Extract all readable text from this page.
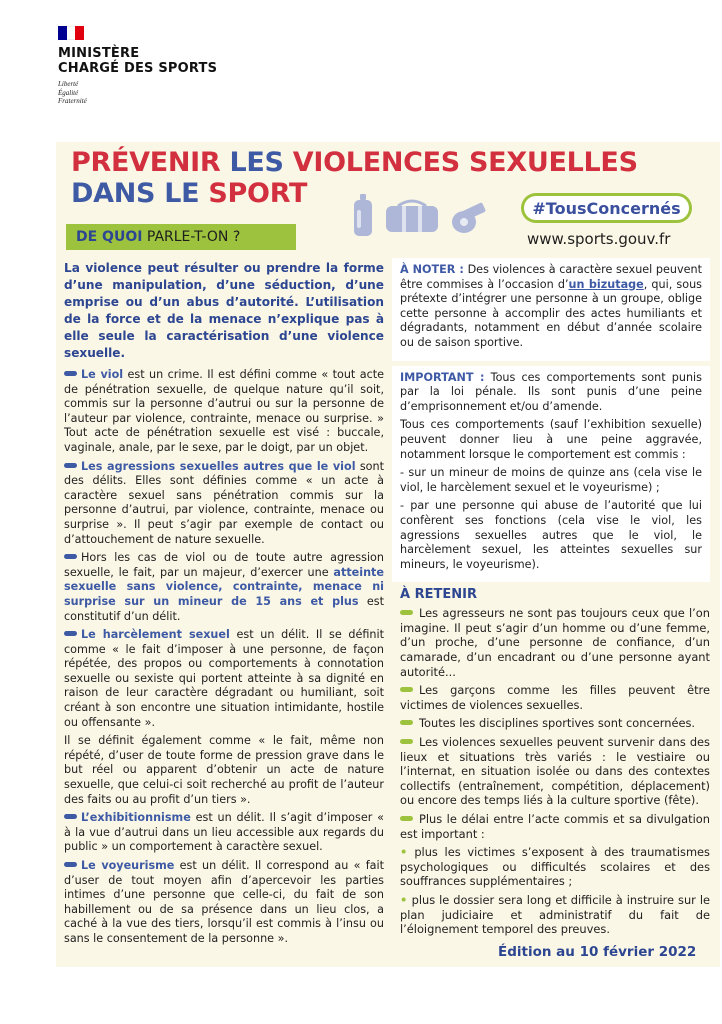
MINISTÈRE
CHARGÉ DES SPORTS
Liberté
Égalité
Fraternité
PRÉVENIR LES VIOLENCES SEXUELLES
DANS LE SPORT	#TousConcernés
www.sports.gouv.fr
DE QUOI PARLE-T-ON ?

La violence peut résulter ou prendre la forme d’une manipulation, d’une séduction, d’une emprise ou d’un abus d’autorité. L’utilisation de la force et de la menace n’explique pas à elle seule la caractérisation d’une violence sexuelle.

Le viol est un crime. Il est défini comme « tout acte de pénétration sexuelle, de quelque nature qu’il soit, commis sur la personne d’autrui ou sur la personne de l’auteur par violence, contrainte, menace ou surprise. » Tout acte de pénétration sexuelle est visé : buccale, vaginale, anale, par le sexe, par le doigt, par un objet.

Les agressions sexuelles autres que le viol sont des délits. Elles sont définies comme « un acte à caractère sexuel sans pénétration commis sur la personne d’autrui, par violence, contrainte, menace ou surprise ». Il peut s’agir par exemple de contact ou d’attouchement de nature sexuelle.

Hors les cas de viol ou de toute autre agression sexuelle, le fait, par un majeur, d’exercer une atteinte sexuelle sans violence, contrainte, menace ni surprise sur un mineur de 15 ans et plus est constitutif d’un délit.

Le harcèlement sexuel est un délit. Il se définit comme « le fait d’imposer à une personne, de façon répétée, des propos ou comportements à connotation sexuelle ou sexiste qui portent atteinte à sa dignité en raison de leur caractère dégradant ou humiliant, soit créant à son encontre une situation intimidante, hostile ou offensante ».

Il se définit également comme « le fait, même non répété, d’user de toute forme de pression grave dans le but réel ou apparent d’obtenir un acte de nature sexuelle, que celui-ci soit recherché au profit de l’auteur des faits ou au profit d’un tiers ».

L’exhibitionnisme est un délit. Il s’agit d’imposer « à la vue d’autrui dans un lieu accessible aux regards du public » un comportement à caractère sexuel.

Le voyeurisme est un délit. Il correspond au « fait d’user de tout moyen afin d’apercevoir les parties intimes d’une personne que celle-ci, du fait de son habillement ou de sa présence dans un lieu clos, a caché à la vue des tiers, lorsqu’il est commis à l’insu ou sans le consentement de la personne ».

À NOTER : Des violences à caractère sexuel peuvent être commises à l’occasion d’un bizutage, qui, sous prétexte d’intégrer une personne à un groupe, oblige cette personne à accomplir des actes humiliants et dégradants, notamment en début d’année scolaire ou de saison sportive.

IMPORTANT : Tous ces comportements sont punis par la loi pénale. Ils sont punis d’une peine d’emprisonnement et/ou d’amende.

Tous ces comportements (sauf l’exhibition sexuelle) peuvent donner lieu à une peine aggravée, notamment lorsque le comportement est commis :

- sur un mineur de moins de quinze ans (cela vise le viol, le harcèlement sexuel et le voyeurisme) ;

- par une personne qui abuse de l’autorité que lui confèrent ses fonctions (cela vise le viol, les agressions sexuelles autres que le viol, le harcèlement sexuel, les atteintes sexuelles sur mineurs, le voyeurisme).

À RETENIR

Les agresseurs ne sont pas toujours ceux que l’on imagine. Il peut s’agir d’un homme ou d’une femme, d’un proche, d’une personne de confiance, d’un camarade, d’un encadrant ou d’une personne ayant autorité...

Les garçons comme les filles peuvent être victimes de violences sexuelles.

Toutes les disciplines sportives sont concernées.

Les violences sexuelles peuvent survenir dans des lieux et situations très variés : le vestiaire ou l’internat, en situation isolée ou dans des contextes collectifs (entraînement, compétition, déplacement) ou encore des temps liés à la culture sportive (fête).

Plus le délai entre l’acte commis et sa divulgation est important :

• plus les victimes s’exposent à des traumatismes psychologiques ou difficultés scolaires et des souffrances supplémentaires ;

• plus le dossier sera long et difficile à instruire sur le plan judiciaire et administratif du fait de l’éloignement temporel des preuves.

Édition au 10 février 2022
